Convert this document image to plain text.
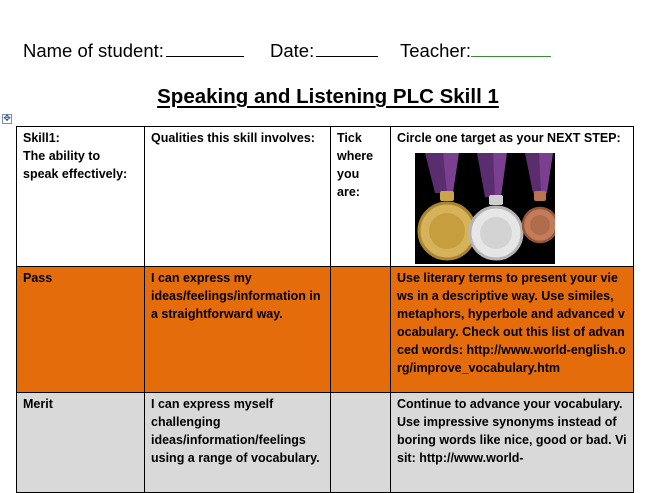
Name of student:	Date:	Teacher:
Speaking and Listening PLC Skill 1
✥
Skill1:
The ability to speak effectively:	Qualities this skill involves:	Tick where you are:	Circle one target as your NEXT STEP:

Pass	I can express my ideas/feelings/information in a straightforward way.		Use literary terms to present your views in a descriptive way. Use similes, metaphors, hyperbole and advanced vocabulary. Check out this list of advanced words: http://www.world-english.org/improve_vocabulary.htm
Merit	I can express myself challenging ideas/information/feelings using a range of vocabulary.		Continue to advance your vocabulary. Use impressive synonyms instead of boring words like nice, good or bad. Visit: http://www.world-
